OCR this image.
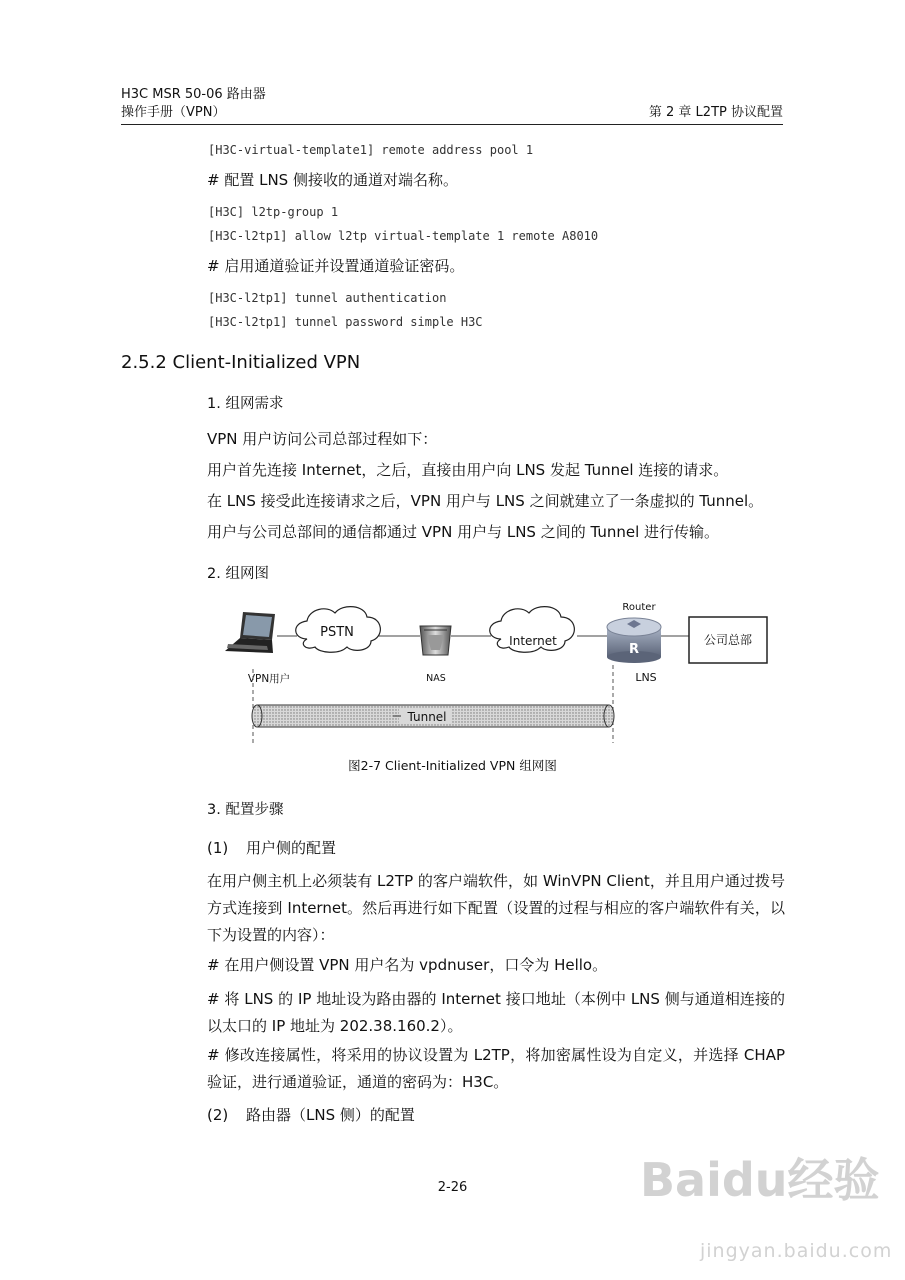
H3C MSR 50-06 路由器
操作手册（VPN）	第 2 章 L2TP 协议配置
[H3C-virtual-template1] remote address pool 1
# 配置 LNS 侧接收的通道对端名称。
[H3C] l2tp-group 1
[H3C-l2tp1] allow l2tp virtual-template 1 remote A8010
# 启用通道验证并设置通道验证密码。
[H3C-l2tp1] tunnel authentication
[H3C-l2tp1] tunnel password simple H3C
2.5.2 Client-Initialized VPN
1. 组网需求
VPN 用户访问公司总部过程如下：
用户首先连接 Internet，之后，直接由用户向 LNS 发起 Tunnel 连接的请求。
在 LNS 接受此连接请求之后，VPN 用户与 LNS 之间就建立了一条虚拟的 Tunnel。
用户与公司总部间的通信都通过 VPN 用户与 LNS 之间的 Tunnel 进行传输。
2. 组网图
PSTN
NAS
Internet
Router
R
LNS
公司总部
VPN用户
Tunnel
图2-7 Client-Initialized VPN 组网图
3. 配置步骤
(1) 用户侧的配置
在用户侧主机上必须装有 L2TP 的客户端软件，如 WinVPN Client，并且用户通过拨号方式连接到 Internet。然后再进行如下配置（设置的过程与相应的客户端软件有关，以下为设置的内容）：
# 在用户侧设置 VPN 用户名为 vpdnuser，口令为 Hello。
# 将 LNS 的 IP 地址设为路由器的 Internet 接口地址（本例中 LNS 侧与通道相连接的以太口的 IP 地址为 202.38.160.2）。
# 修改连接属性，将采用的协议设置为 L2TP，将加密属性设为自定义，并选择 CHAP 验证，进行通道验证，通道的密码为：H3C。
(2) 路由器（LNS 侧）的配置
2-26	Baidu经验
jingyan.baidu.com
